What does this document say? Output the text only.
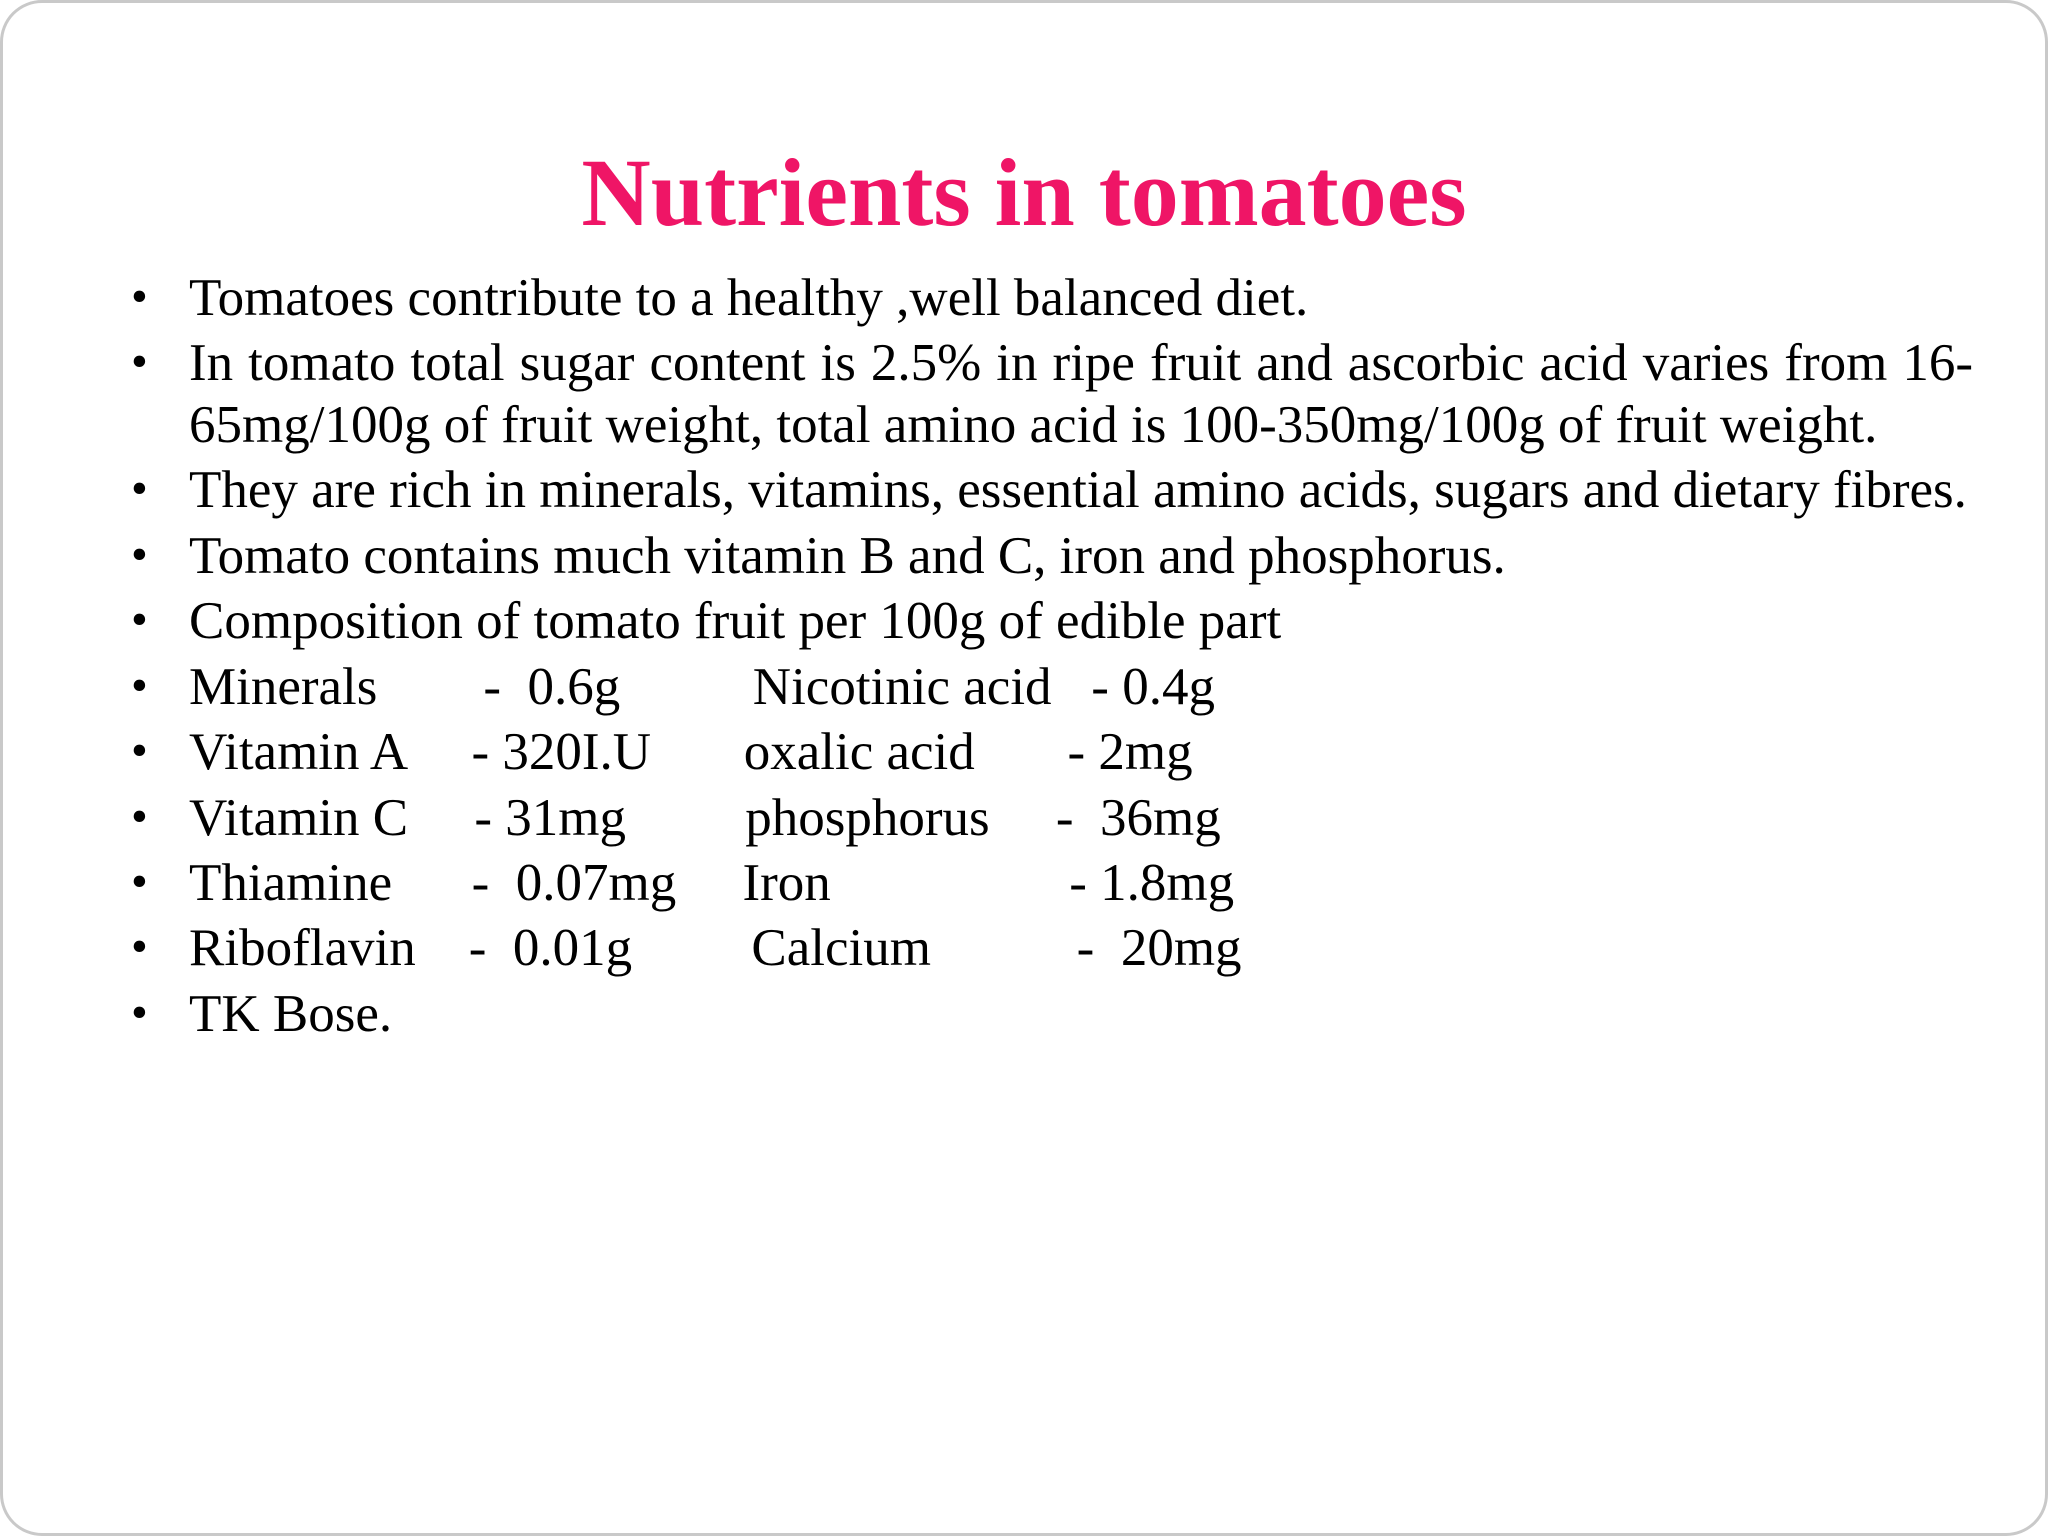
Nutrients in tomatoes
• Tomatoes contribute to a healthy ,well balanced diet.
• In tomato total sugar content is 2.5% in ripe fruit and ascorbic acid varies from 16-65mg/100g of fruit weight, total amino acid is 100-350mg/100g of fruit weight.
• They are rich in minerals, vitamins, essential amino acids, sugars and dietary fibres.
• Tomato contains much vitamin B and C, iron and phosphorus.
• Composition of tomato fruit per 100g of edible part
• Minerals        -  0.6g          Nicotinic acid   - 0.4g
• Vitamin A     - 320I.U       oxalic acid       - 2mg
• Vitamin C     - 31mg         phosphorus     -  36mg
• Thiamine      -  0.07mg     Iron                  - 1.8mg
• Riboflavin    -  0.01g         Calcium           -  20mg
• TK Bose.
